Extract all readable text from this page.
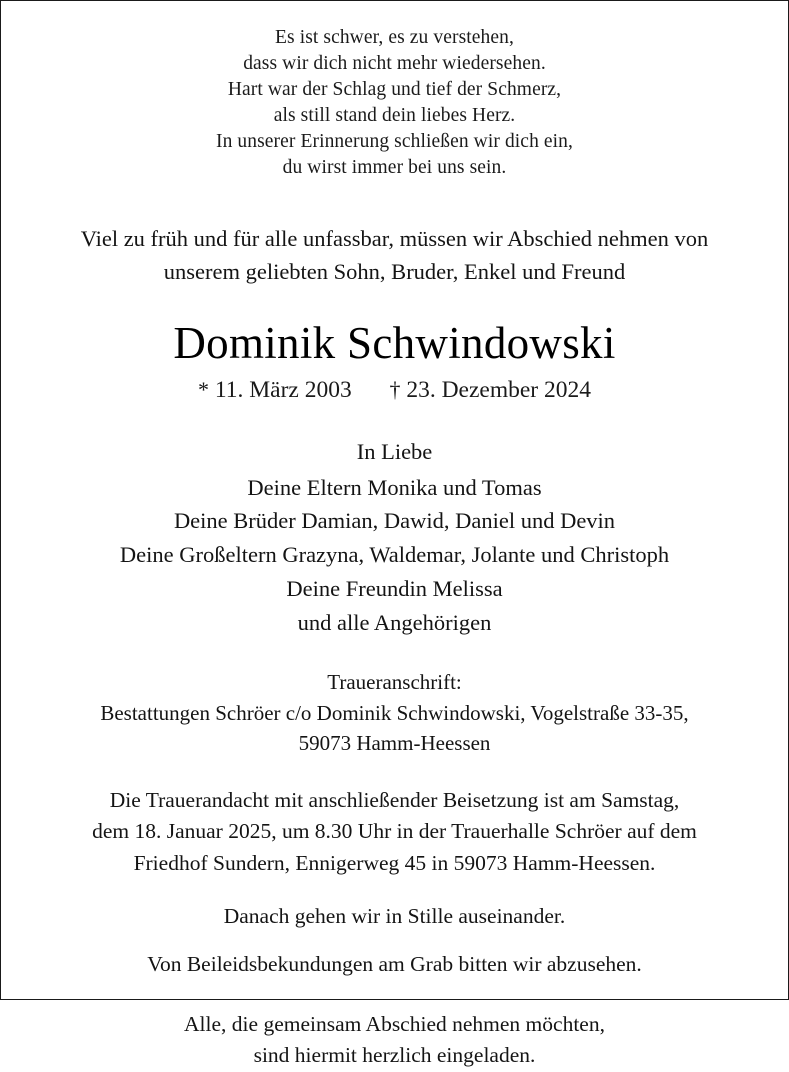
Es ist schwer, es zu verstehen,
dass wir dich nicht mehr wiedersehen.
Hart war der Schlag und tief der Schmerz,
als still stand dein liebes Herz.
In unserer Erinnerung schließen wir dich ein,
du wirst immer bei uns sein.
Viel zu früh und für alle unfassbar, müssen wir Abschied nehmen von
unserem geliebten Sohn, Bruder, Enkel und Freund
Dominik Schwindowski
* 11. März 2003 † 23. Dezember 2024
In Liebe
Deine Eltern Monika und Tomas
Deine Brüder Damian, Dawid, Daniel und Devin
Deine Großeltern Grazyna, Waldemar, Jolante und Christoph
Deine Freundin Melissa
und alle Angehörigen
Traueranschrift:
Bestattungen Schröer c/o Dominik Schwindowski, Vogelstraße 33-35,
59073 Hamm-Heessen
Die Trauerandacht mit anschließender Beisetzung ist am Samstag,
dem 18. Januar 2025, um 8.30 Uhr in der Trauerhalle Schröer auf dem
Friedhof Sundern, Ennigerweg 45 in 59073 Hamm-Heessen.
Danach gehen wir in Stille auseinander.
Von Beileidsbekundungen am Grab bitten wir abzusehen.
Alle, die gemeinsam Abschied nehmen möchten,
sind hiermit herzlich eingeladen.
